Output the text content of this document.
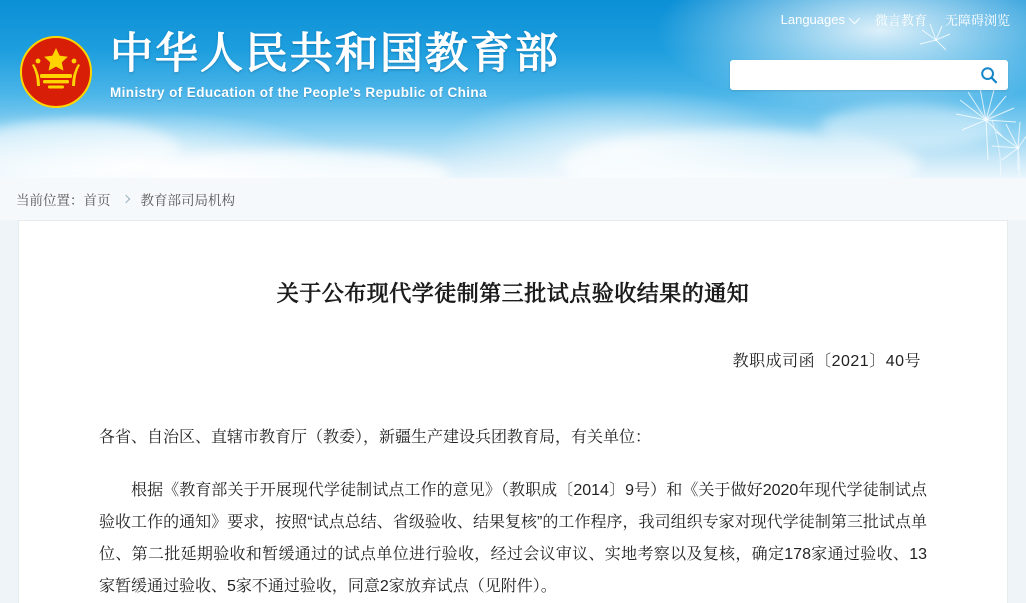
Languages 微言教育 无障碍浏览
中华人民共和国教育部
Ministry of Education of the People's Republic of China
当前位置： 首页 教育部司局机构
关于公布现代学徒制第三批试点验收结果的通知
教职成司函〔2021〕40号
各省、自治区、直辖市教育厅（教委），新疆生产建设兵团教育局，有关单位：

根据《教育部关于开展现代学徒制试点工作的意见》（教职成〔2014〕9号）和《关于做好2020年现代学徒制试点验收工作的通知》要求，按照“试点总结、省级验收、结果复核”的工作程序，我司组织专家对现代学徒制第三批试点单位、第二批延期验收和暂缓通过的试点单位进行验收，经过会议审议、实地考察以及复核，确定178家通过验收、13家暂缓通过验收、5家不通过验收，同意2家放弃试点（见附件）。
